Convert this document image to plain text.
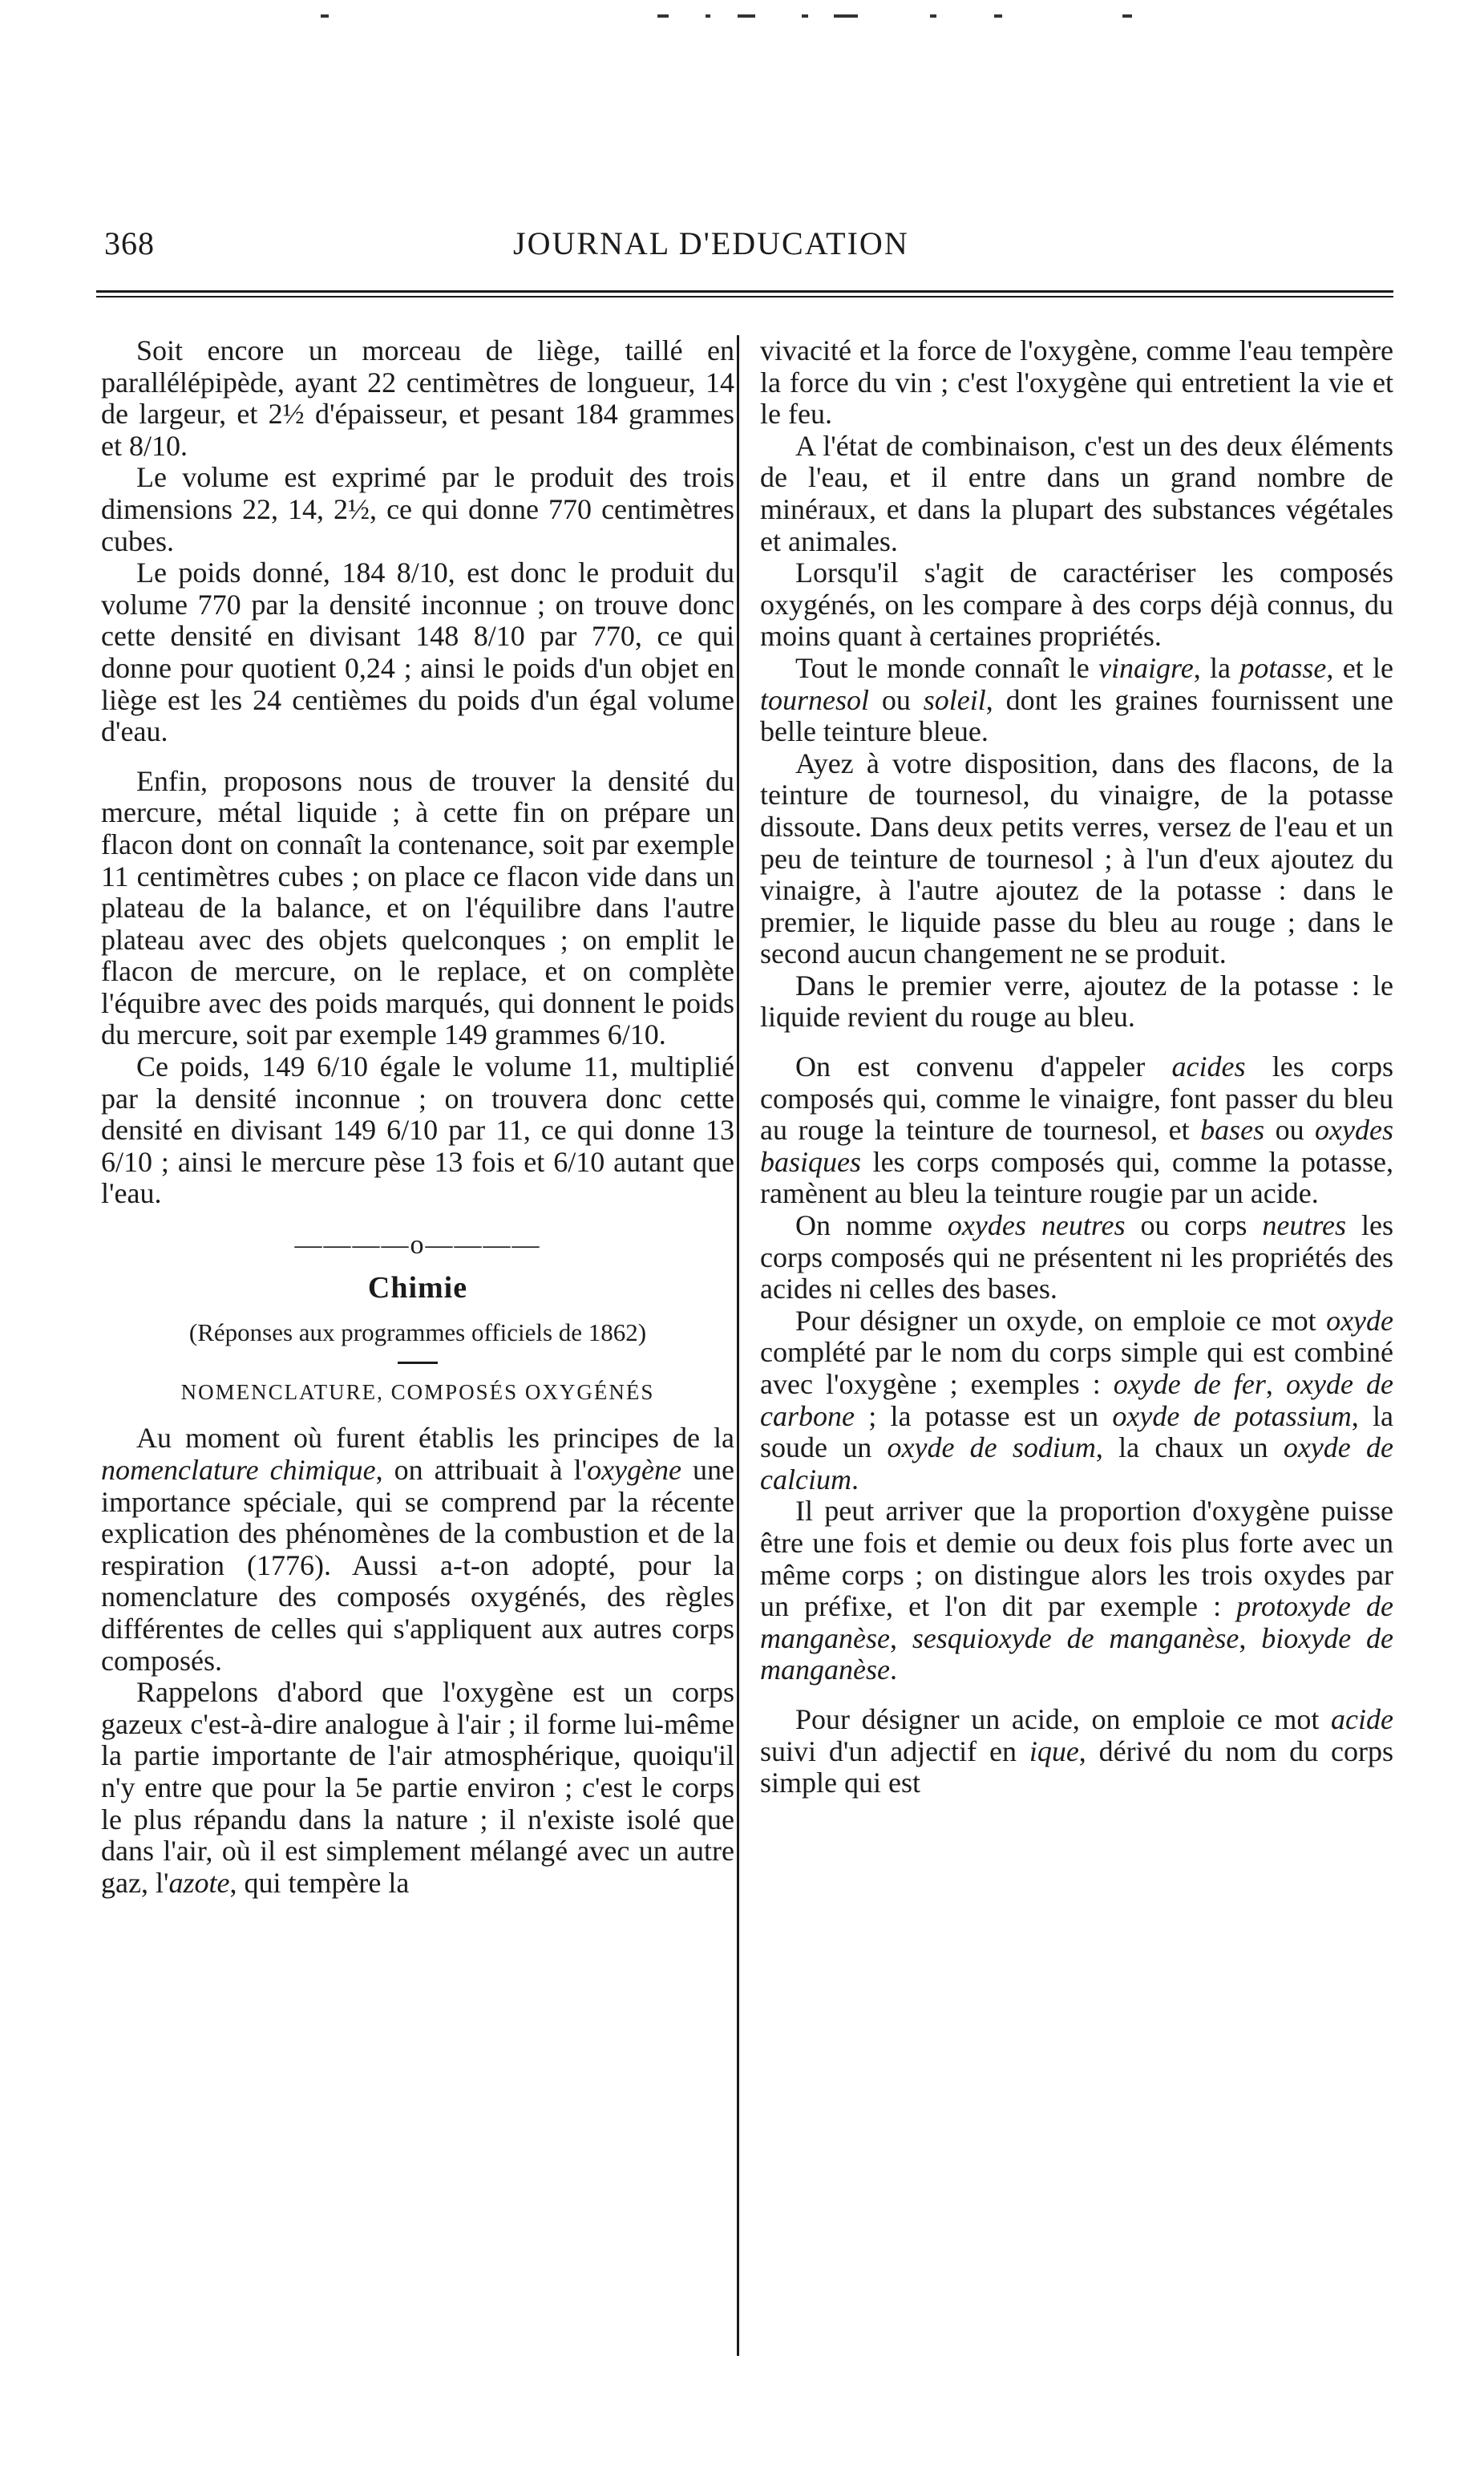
368	JOURNAL D'EDUCATION

Soit encore un morceau de liège, taillé en parallélépipède, ayant 22 centimètres de longueur, 14 de largeur, et 2½ d'épaisseur, et pesant 184 grammes et 8/10.

Le volume est exprimé par le produit des trois dimensions 22, 14, 2½, ce qui donne 770 centimètres cubes.

Le poids donné, 184 8/10, est donc le produit du volume 770 par la densité inconnue ; on trouve donc cette densité en divisant 148 8/10 par 770, ce qui donne pour quotient 0,24 ; ainsi le poids d'un objet en liège est les 24 centièmes du poids d'un égal volume d'eau.

Enfin, proposons nous de trouver la densité du mercure, métal liquide ; à cette fin on prépare un flacon dont on connaît la contenance, soit par exemple 11 centimètres cubes ; on place ce flacon vide dans un plateau de la balance, et on l'équilibre dans l'autre plateau avec des objets quelconques ; on emplit le flacon de mercure, on le replace, et on complète l'équibre avec des poids marqués, qui donnent le poids du mercure, soit par exemple 149 grammes 6/10.

Ce poids, 149 6/10 égale le volume 11, multiplié par la densité inconnue ; on trouvera donc cette densité en divisant 149 6/10 par 11, ce qui donne 13 6/10 ; ainsi le mercure pèse 13 fois et 6/10 autant que l'eau.

————o————
Chimie
(Réponses aux programmes officiels de 1862)
NOMENCLATURE, COMPOSÉS OXYGÉNÉS

Au moment où furent établis les principes de la nomenclature chimique, on attribuait à l'oxygène une importance spéciale, qui se comprend par la récente explication des phénomènes de la combustion et de la respiration (1776). Aussi a-t-on adopté, pour la nomenclature des composés oxygénés, des règles différentes de celles qui s'appliquent aux autres corps composés.

Rappelons d'abord que l'oxygène est un corps gazeux c'est-à-dire analogue à l'air ; il forme lui-même la partie importante de l'air atmosphérique, quoiqu'il n'y entre que pour la 5e partie environ ; c'est le corps le plus répandu dans la nature ; il n'existe isolé que dans l'air, où il est simplement mélangé avec un autre gaz, l'azote, qui tempère la

vivacité et la force de l'oxygène, comme l'eau tempère la force du vin ; c'est l'oxygène qui entretient la vie et le feu.

A l'état de combinaison, c'est un des deux éléments de l'eau, et il entre dans un grand nombre de minéraux, et dans la plupart des substances végétales et animales.

Lorsqu'il s'agit de caractériser les composés oxygénés, on les compare à des corps déjà connus, du moins quant à certaines propriétés.

Tout le monde connaît le vinaigre, la potasse, et le tournesol ou soleil, dont les graines fournissent une belle teinture bleue.

Ayez à votre disposition, dans des flacons, de la teinture de tournesol, du vinaigre, de la potasse dissoute. Dans deux petits verres, versez de l'eau et un peu de teinture de tournesol ; à l'un d'eux ajoutez du vinaigre, à l'autre ajoutez de la potasse : dans le premier, le liquide passe du bleu au rouge ; dans le second aucun changement ne se produit.

Dans le premier verre, ajoutez de la potasse : le liquide revient du rouge au bleu.

On est convenu d'appeler acides les corps composés qui, comme le vinaigre, font passer du bleu au rouge la teinture de tournesol, et bases ou oxydes basiques les corps composés qui, comme la potasse, ramènent au bleu la teinture rougie par un acide.

On nomme oxydes neutres ou corps neutres les corps composés qui ne présentent ni les propriétés des acides ni celles des bases.

Pour désigner un oxyde, on emploie ce mot oxyde complété par le nom du corps simple qui est combiné avec l'oxygène ; exemples : oxyde de fer, oxyde de carbone ; la potasse est un oxyde de potassium, la soude un oxyde de sodium, la chaux un oxyde de calcium.

Il peut arriver que la proportion d'oxygène puisse être une fois et demie ou deux fois plus forte avec un même corps ; on distingue alors les trois oxydes par un préfixe, et l'on dit par exemple : protoxyde de manganèse, sesquioxyde de manganèse, bioxyde de manganèse.

Pour désigner un acide, on emploie ce mot acide suivi d'un adjectif en ique, dérivé du nom du corps simple qui est
